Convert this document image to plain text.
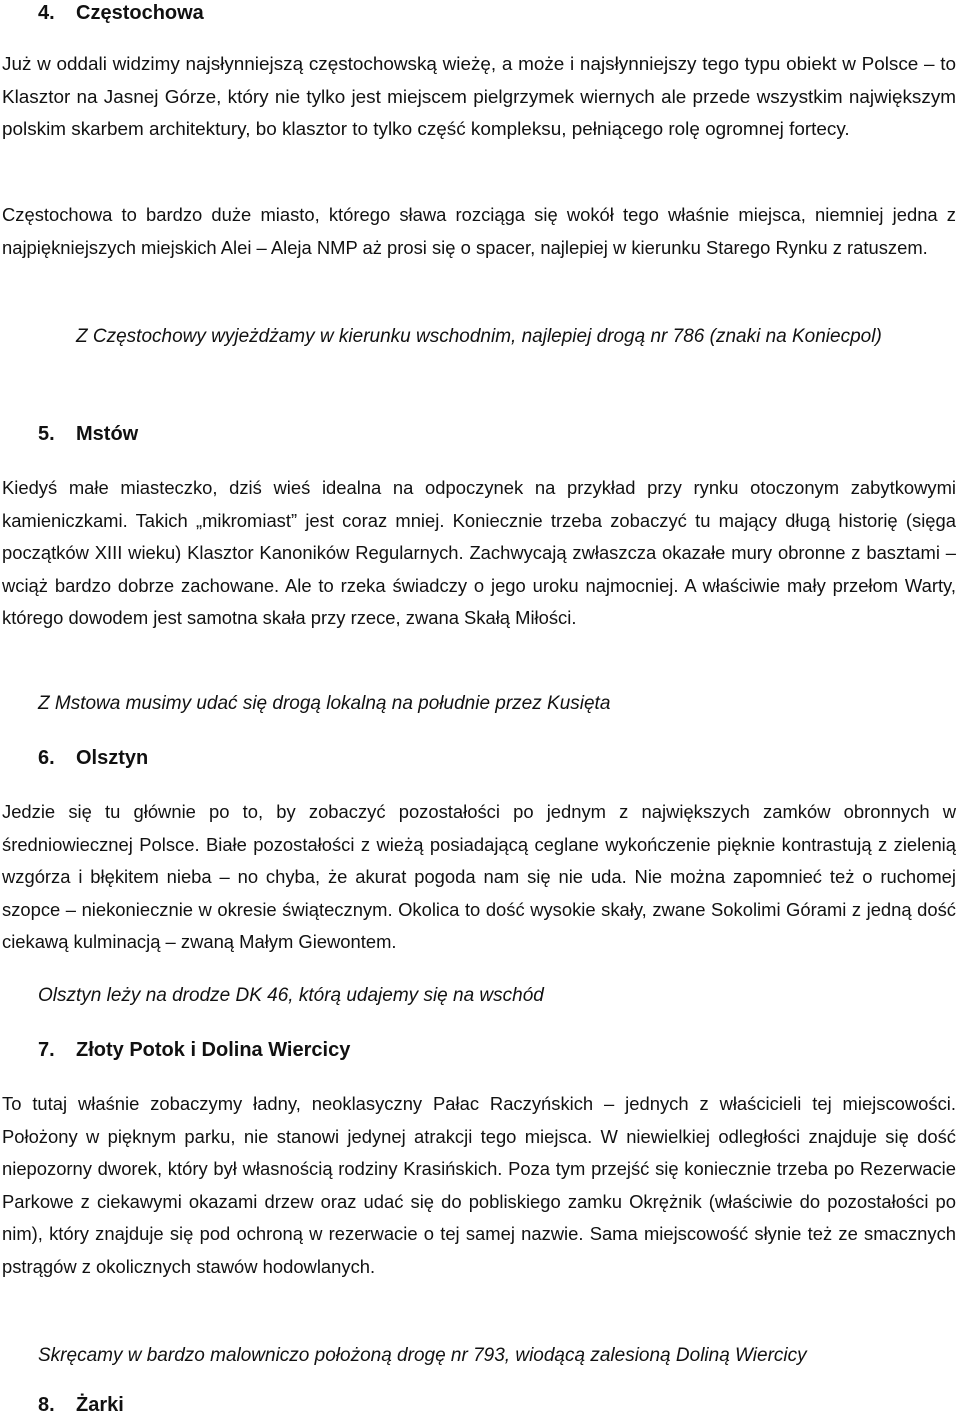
4. Częstochowa
Już w oddali widzimy najsłynniejszą częstochowską wieżę, a może i najsłynniejszy tego typu obiekt w Polsce – to Klasztor na Jasnej Górze, który nie tylko jest miejscem pielgrzymek wiernych ale przede wszystkim największym polskim skarbem architektury, bo klasztor to tylko część kompleksu, pełniącego rolę ogromnej fortecy.
Częstochowa to bardzo duże miasto, którego sława rozciąga się wokół tego właśnie miejsca, niemniej jedna z najpiękniejszych miejskich Alei – Aleja NMP aż prosi się o spacer, najlepiej w kierunku Starego Rynku z ratuszem.
Z Częstochowy wyjeżdżamy w kierunku wschodnim, najlepiej drogą nr 786 (znaki na Koniecpol)
5. Mstów
Kiedyś małe miasteczko, dziś wieś idealna na odpoczynek na przykład przy rynku otoczonym zabytkowymi kamieniczkami. Takich „mikromiast” jest coraz mniej. Koniecznie trzeba zobaczyć tu mający długą historię (sięga początków XIII wieku) Klasztor Kanoników Regularnych. Zachwycają zwłaszcza okazałe mury obronne z basztami – wciąż bardzo dobrze zachowane. Ale to rzeka świadczy o jego uroku najmocniej. A właściwie mały przełom Warty, którego dowodem jest samotna skała przy rzece, zwana Skałą Miłości.
Z Mstowa musimy udać się drogą lokalną na południe przez Kusięta
6. Olsztyn
Jedzie się tu głównie po to, by zobaczyć pozostałości po jednym z największych zamków obronnych w średniowiecznej Polsce. Białe pozostałości z wieżą posiadającą ceglane wykończenie pięknie kontrastują z zielenią wzgórza i błękitem nieba – no chyba, że akurat pogoda nam się nie uda. Nie można zapomnieć też o ruchomej szopce – niekoniecznie w okresie świątecznym. Okolica to dość wysokie skały, zwane Sokolimi Górami z jedną dość ciekawą kulminacją – zwaną Małym Giewontem.
Olsztyn leży na drodze DK 46, którą udajemy się na wschód
7. Złoty Potok i Dolina Wiercicy
To tutaj właśnie zobaczymy ładny, neoklasyczny Pałac Raczyńskich – jednych z właścicieli tej miejscowości. Położony w pięknym parku, nie stanowi jedynej atrakcji tego miejsca. W niewielkiej odległości znajduje się dość niepozorny dworek, który był własnością rodziny Krasińskich. Poza tym przejść się koniecznie trzeba po Rezerwacie Parkowe z ciekawymi okazami drzew oraz udać się do pobliskiego zamku Okrężnik (właściwie do pozostałości po nim), który znajduje się pod ochroną w rezerwacie o tej samej nazwie. Sama miejscowość słynie też ze smacznych pstrągów z okolicznych stawów hodowlanych.
Skręcamy w bardzo malowniczo położoną drogę nr 793, wiodącą zalesioną Doliną Wiercicy
8. Żarki
